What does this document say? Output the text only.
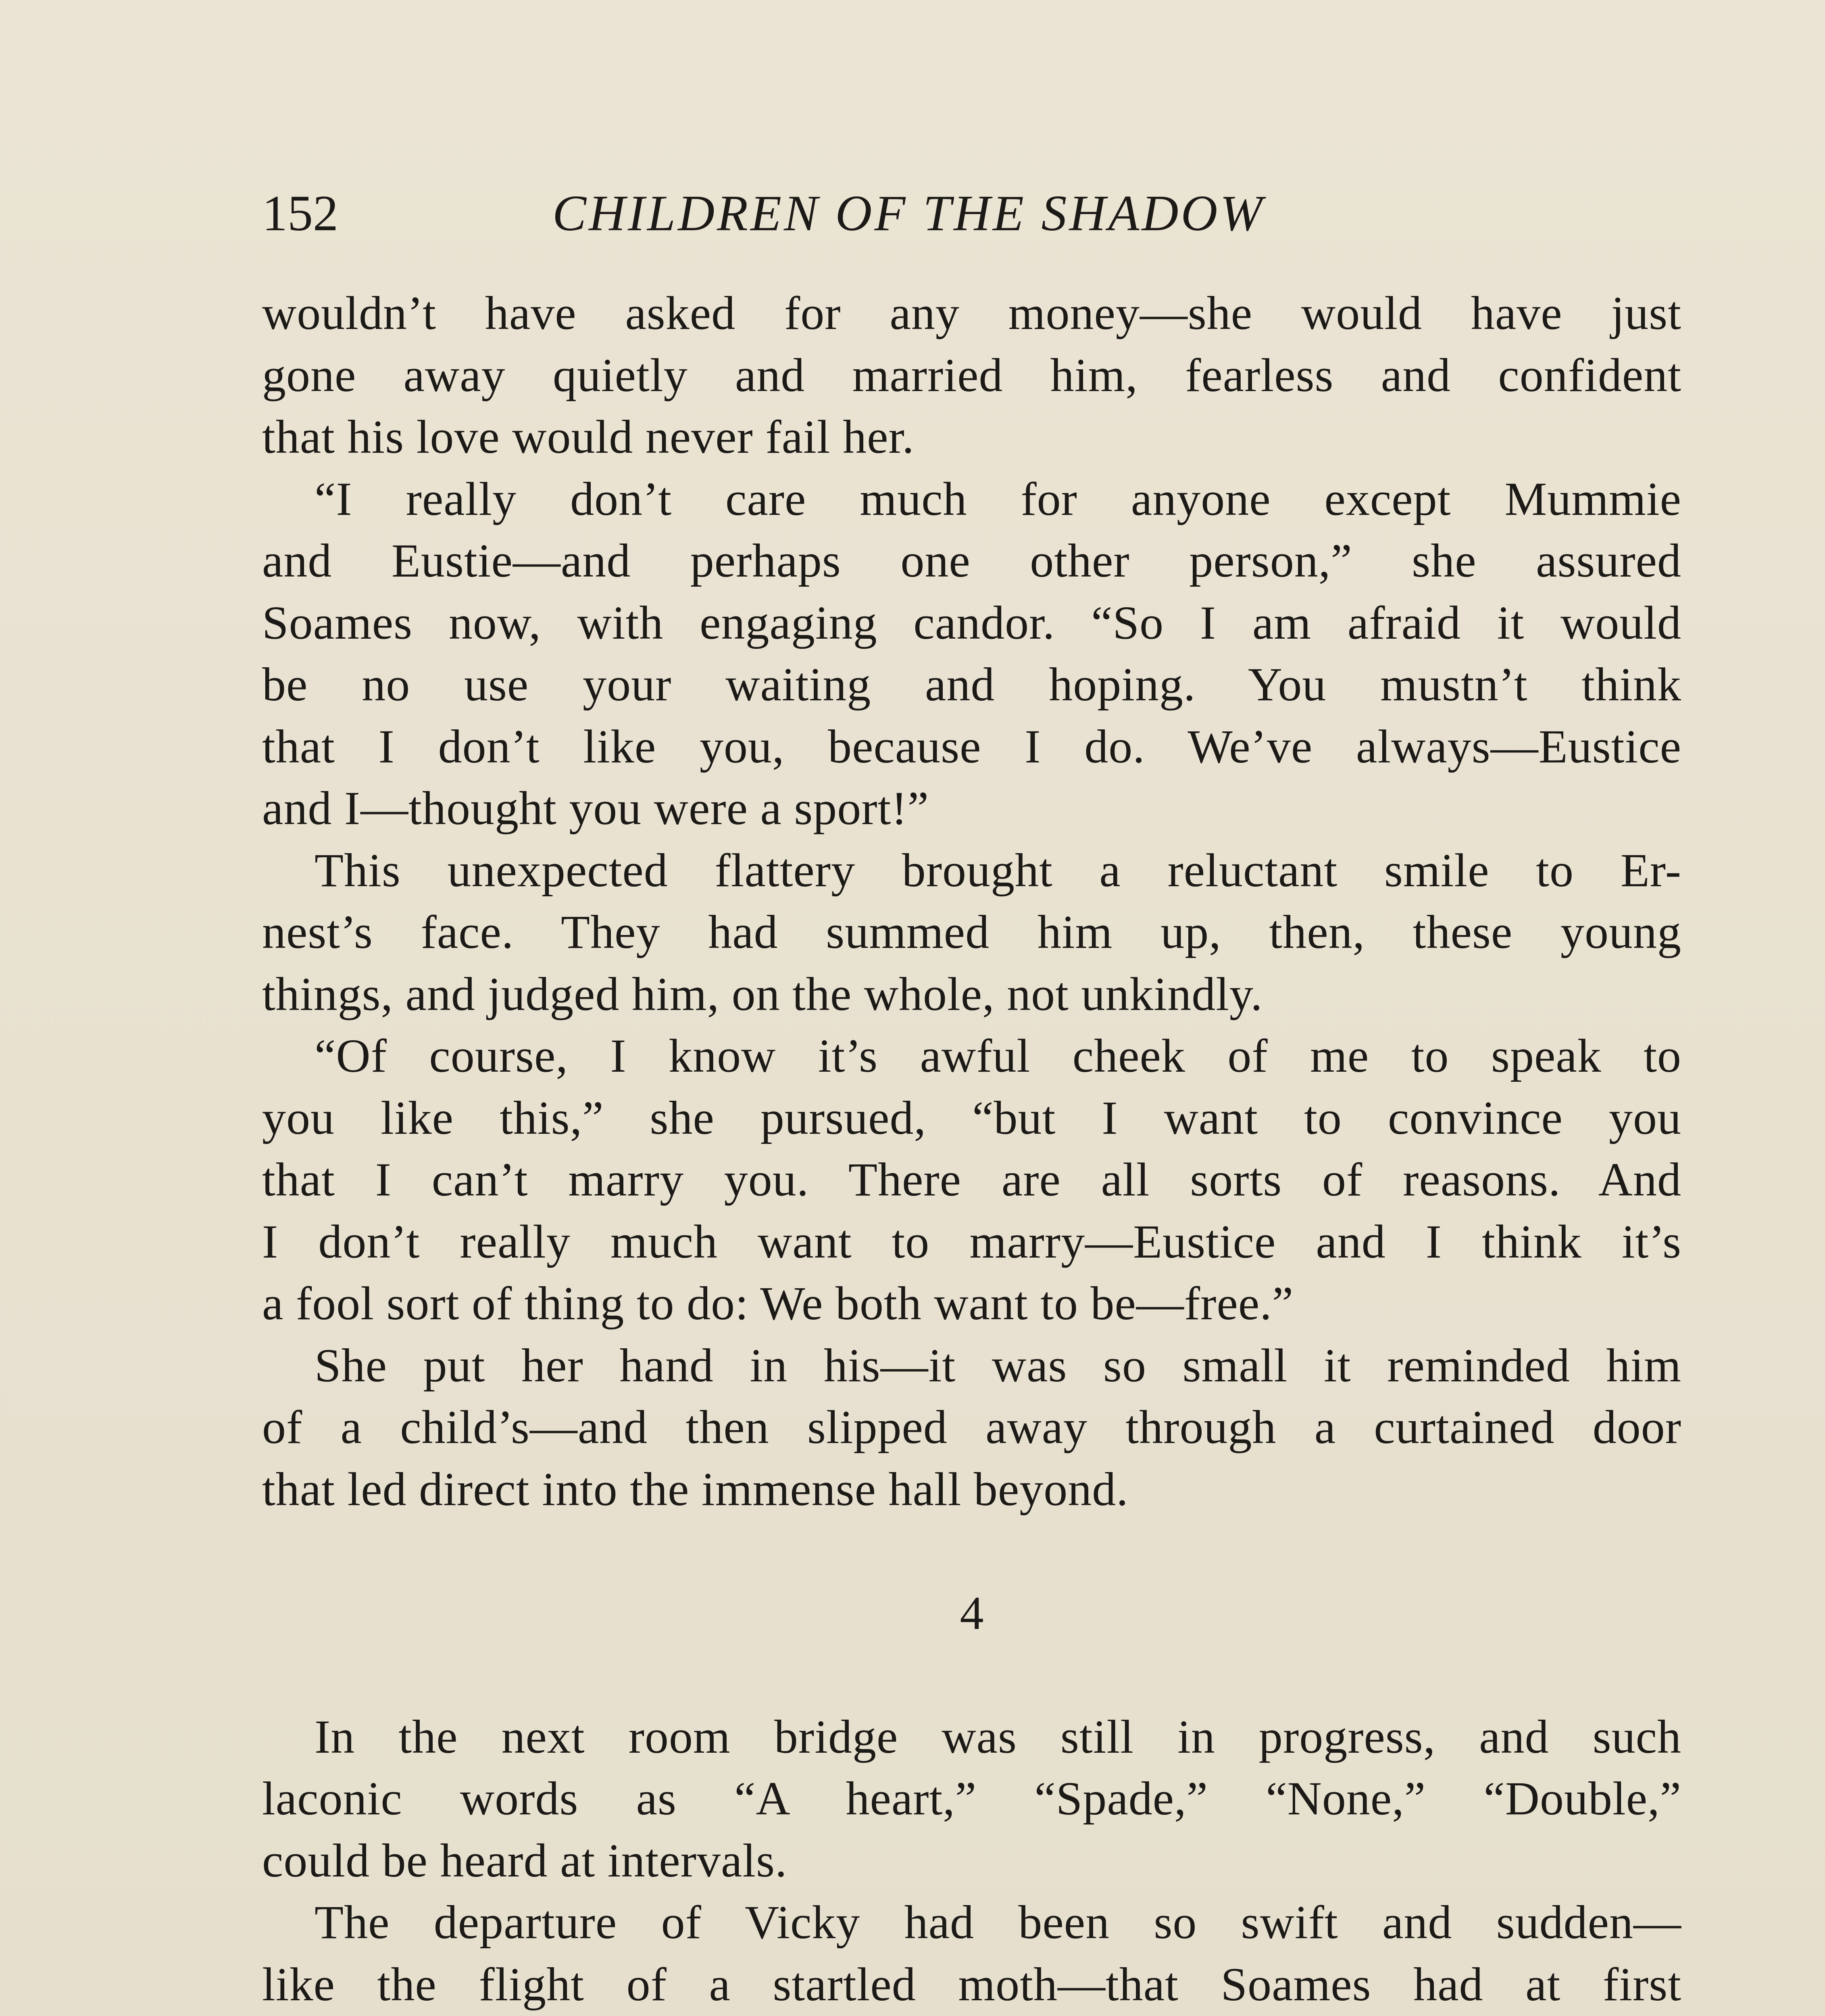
152	CHILDREN OF THE SHADOW
wouldn’t have asked for any money—she would have just
gone away quietly and married him, fearless and confident
that his love would never fail her.
“I really don’t care much for anyone except Mummie
and Eustie—and perhaps one other person,” she assured
Soames now, with engaging candor. “So I am afraid it would
be no use your waiting and hoping. You mustn’t think
that I don’t like you, because I do. We’ve always—Eustice
and I—thought you were a sport!”
This unexpected flattery brought a reluctant smile to Er-
nest’s face. They had summed him up, then, these young
things, and judged him, on the whole, not unkindly.
“Of course, I know it’s awful cheek of me to speak to
you like this,” she pursued, “but I want to convince you
that I can’t marry you. There are all sorts of reasons. And
I don’t really much want to marry—Eustice and I think it’s
a fool sort of thing to do: We both want to be—free.”
She put her hand in his—it was so small it reminded him
of a child’s—and then slipped away through a curtained door
that led direct into the immense hall beyond.
4
In the next room bridge was still in progress, and such
laconic words as “A heart,” “Spade,” “None,” “Double,”
could be heard at intervals.
The departure of Vicky had been so swift and sudden—
like the flight of a startled moth—that Soames had at first
